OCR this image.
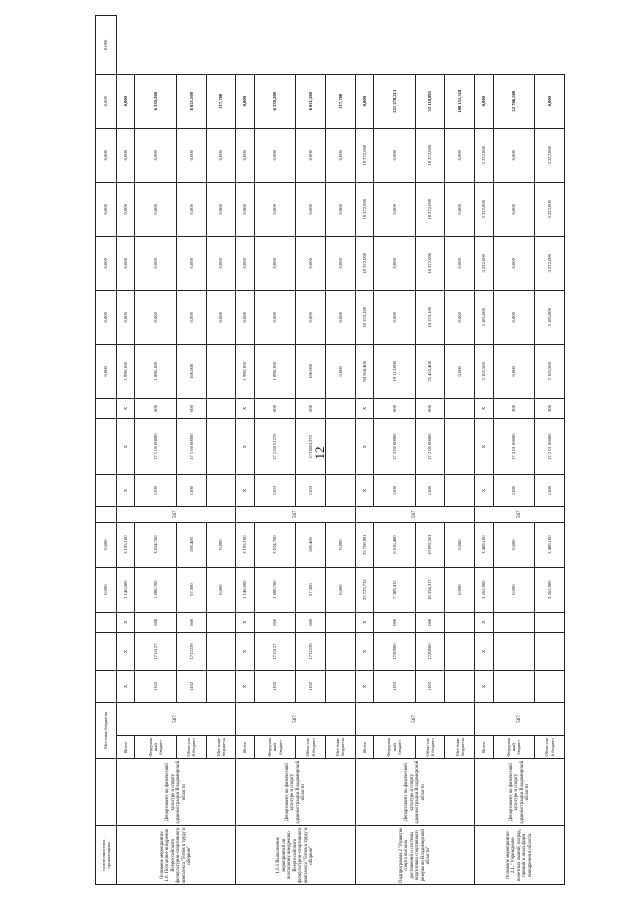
12
соисполнителях организациях		Местные бюджеты					0,000	0,000					0,000	0,000	0,000	0,000	0,000	0,000	0,000
Основное мероприятие 1.6. Поэтапное внедрение Всероссийского физкультурно-спортивного комплекса "Готов к труду и обороне"	Департамент по физической культуре и спорту администрации Владимирской области	Всего	567	X	X	X	1 146,000	3 195,100	567	X	X	X	1 998,100	0,000	0,000	0,000	0,000	0,000	
		Федеральный бюджет		1102	1715127	600	1 088,700	3 034,700		1100	17 1 06 00000	600	1 898,100	0,000	0,000	0,000	0,000	6 339,200	
		Областной бюджет		1102	1712239	600	57,300	160,400		1100	17 1 06 00000	600	100,000	0,000	0,000	0,000	0,000	6 021,500	
		Местные бюджеты					0,000	0,000						0,000	0,000	0,000	0,000	317,700	
1.6.1 Выполнение мероприятий по поэтапному внедрению Всероссийского физкультурно-спортивного комплекса "Готов к труду и обороне"	Департамент по физической культуре и спорту администрации Владимирской области	Всего	567	X	X	X	1 146,000	3 195,100	567	X	X	X	1 998,100	0,000	0,000	0,000	0,000	0,000	
		Федеральный бюджет		1102	1715127	600	1 088,700	3 034,700		1103	17 1 06 51270	600	1 898,100	0,000	0,000	0,000	0,000	6 339,200	
		Областной бюджет		1102	1712239	600	57,300	160,400		1103	1710681270	600	100,000	0,000	0,000	0,000	0,000	6 021,500	
		Местные бюджеты					0,000	0,000					0,000	0,000	0,000	0,000	0,000	317,700	
Подпрограмма 2 "Развитие спорта высших достижений и системы подготовки спортивного резерва во Владимирской области"	Департамент по физической культуре и спорту администрации Владимирской области	Всего	567	X	X	X	25 723,732	25 708,981	567	X	X	X	94 568,400	18 153,100	18 372,000	18 372,000	18 372,000	0,000	
		Федеральный бюджет		1103	1720000	000	7 389,415	6 616,480		1100	17 2 00 00000	000	19 113,000	0,000	0,000	0,000	0,000	221 270,213	
		Областной бюджет		1103	1720000	000	18 334,317	19 092,501		1100	17 2 00 00000	000	75 455,400	18 153,100	18 372,000	18 372,000	18 372,000	33 118,895	
		Местные бюджеты					0,000	0,000					0,000	0,000	0,000	0,000	0,000	188 151,318	
Основное мероприятие 2.1. "Учреждение почетных званий, наград, премий и иных форм поощрения в области	Департамент по физической культуре и спорту администрации Владимирской области	Всего	567	X	X	X	3 262,900	3 489,100	567	X	X	X	3 103,500	3 185,000	3 222,000	3 222,000	3 222,000	0,000	
		Федеральный бюджет					0,000	0,000		1100	17 2 01 00000	300	0,000	0,000	0,000	0,000	0,000	22 706,500	
		Областной бюджет					3 262,900	3 489,100		1100	17 2 01 00000	300	3 103,500	3 185,000	3 222,000	3 222,000	3 222,000	0,000	
